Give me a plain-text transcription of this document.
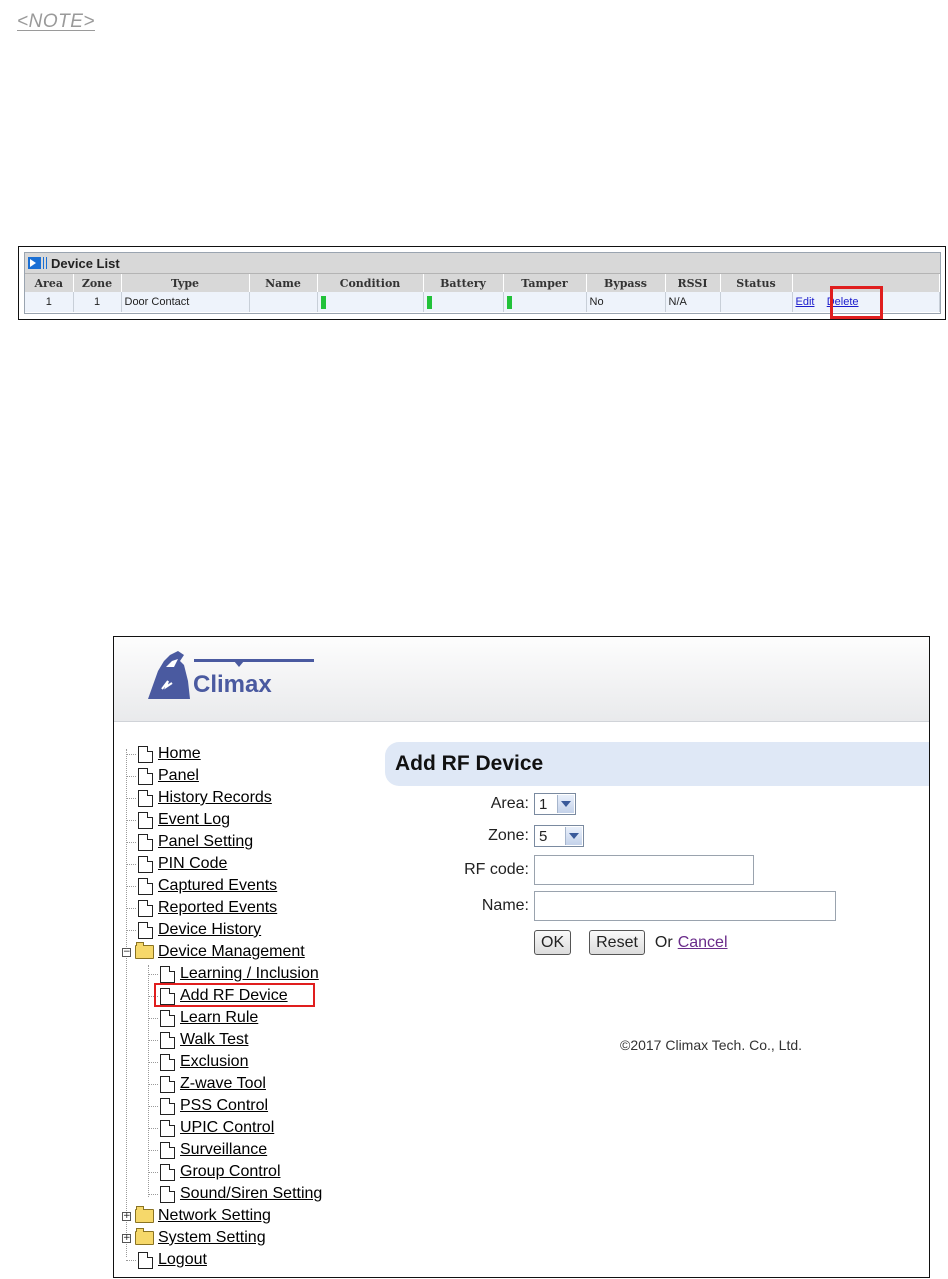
<NOTE>
Device List
Area	Zone	Type	Name	Condition	Battery	Tamper	Bypass	RSSI	Status	
1	1	Door Contact					No	N/A		Edit Delete
Climax
Home
Panel
History Records
Event Log
Panel Setting
PIN Code
Captured Events
Reported Events
Device History
− Device Management
Learning / Inclusion
Add RF Device
Learn Rule
Walk Test
Exclusion
Z-wave Tool
PSS Control
UPIC Control
Surveillance
Group Control
Sound/Siren Setting
+ Network Setting
+ System Setting
Logout
Add RF Device
Area: 1
Zone: 5
RF code:
Name:
OK	Reset	Or Cancel
©2017 Climax Tech. Co., Ltd.
